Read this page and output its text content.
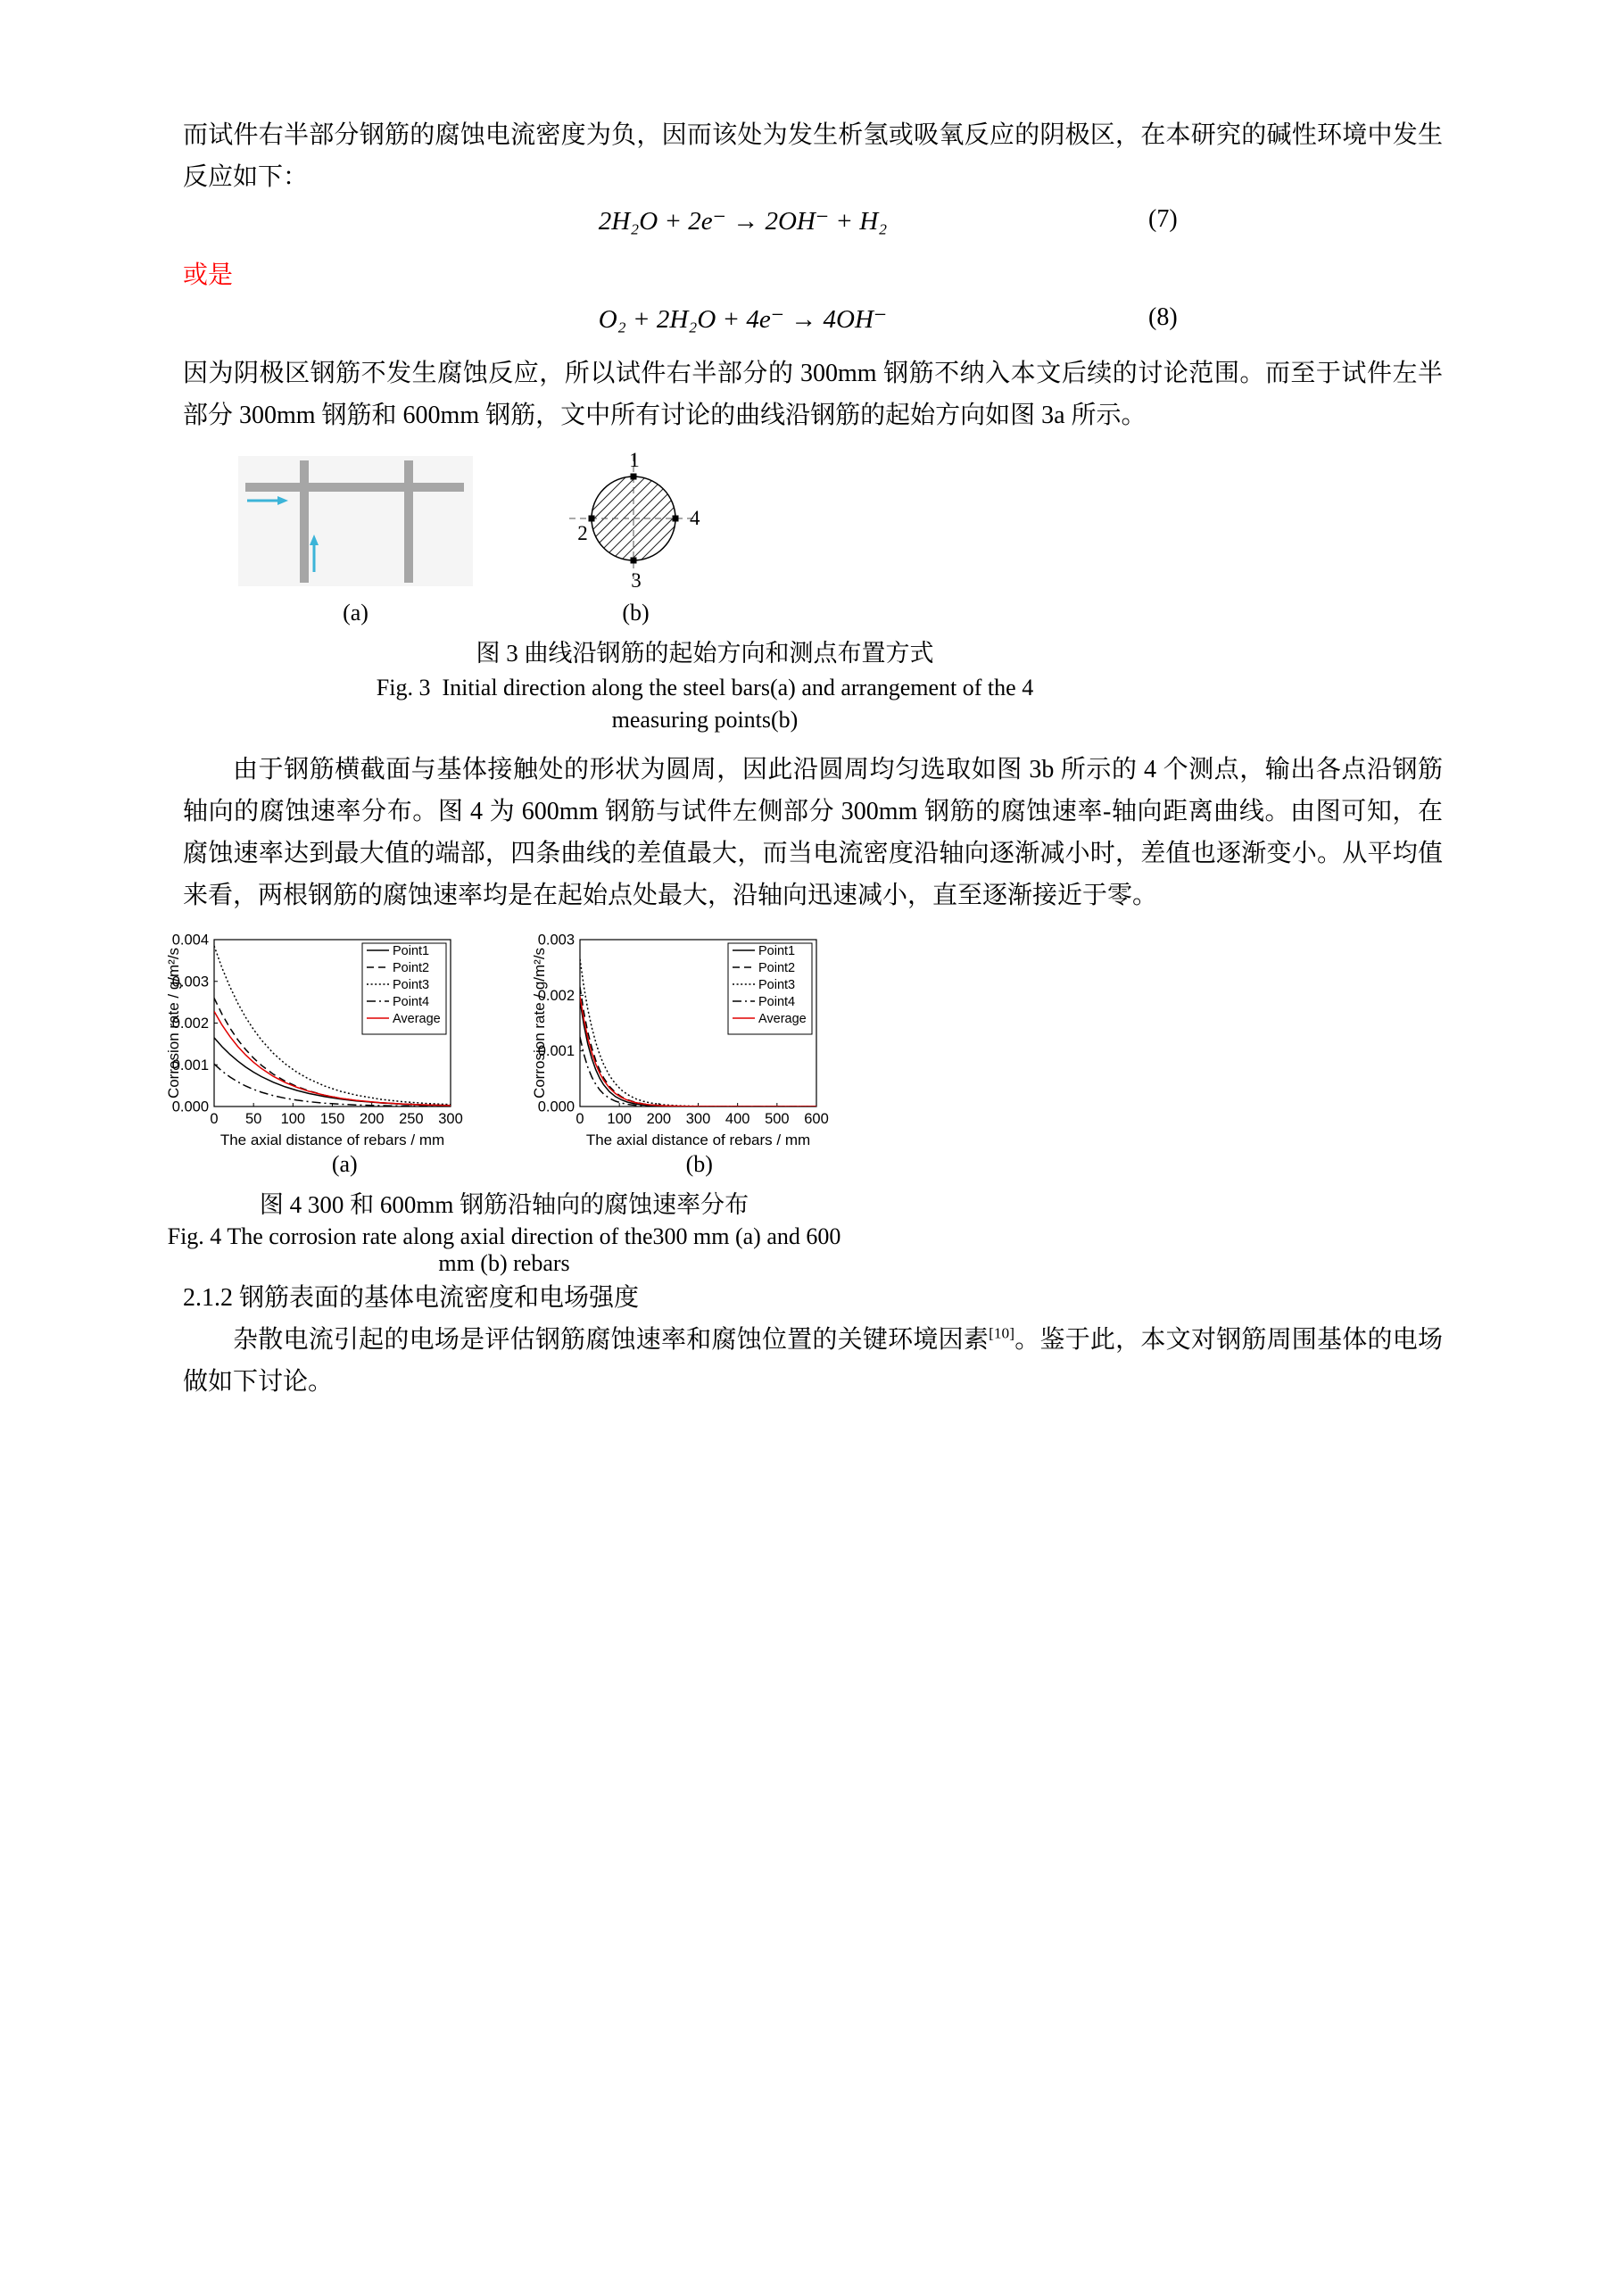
而试件右半部分钢筋的腐蚀电流密度为负，因而该处为发生析氢或吸氧反应的阴极区，在本研究的碱性环境中发生反应如下：

2H₂O + 2e⁻ → 2OH⁻ + H₂	(7)

或是

O₂ + 2H₂O + 4e⁻ → 4OH⁻	(8)

因为阴极区钢筋不发生腐蚀反应，所以试件右半部分的 300mm 钢筋不纳入本文后续的讨论范围。而至于试件左半部分 300mm 钢筋和 600mm 钢筋，文中所有讨论的曲线沿钢筋的起始方向如图 3a 所示。

1
2
3
4
(a)	(b)
图 3 曲线沿钢筋的起始方向和测点布置方式
Fig. 3  Initial direction along the steel bars(a) and arrangement of the 4
measuring points(b)

由于钢筋横截面与基体接触处的形状为圆周，因此沿圆周均匀选取如图 3b 所示的 4 个测点，输出各点沿钢筋轴向的腐蚀速率分布。图 4 为 600mm 钢筋与试件左侧部分 300mm 钢筋的腐蚀速率-轴向距离曲线。由图可知，在腐蚀速率达到最大值的端部，四条曲线的差值最大，而当电流密度沿轴向逐渐减小时，差值也逐渐变小。从平均值来看，两根钢筋的腐蚀速率均是在起始点处最大，沿轴向迅速减小，直至逐渐接近于零。

0 50 100 150 200 250 300
0.000
0.001
0.002
0.003
0.004
The axial distance of rebars / mm
Corrosion rate / g/m²/s	Point1
Point2
Point3
Point4
Average
0 100 200 300 400 500 600
0.000
0.001
0.002
0.003
The axial distance of rebars / mm
Corrosion rate / g/m²/s	Point1
Point2
Point3
Point4
Average
(a)	(b)
图 4 300 和 600mm 钢筋沿轴向的腐蚀速率分布
Fig. 4 The corrosion rate along axial direction of the300 mm (a) and 600 mm (b) rebars

2.1.2 钢筋表面的基体电流密度和电场强度

杂散电流引起的电场是评估钢筋腐蚀速率和腐蚀位置的关键环境因素[10]。鉴于此，本文对钢筋周围基体的电场做如下讨论。
